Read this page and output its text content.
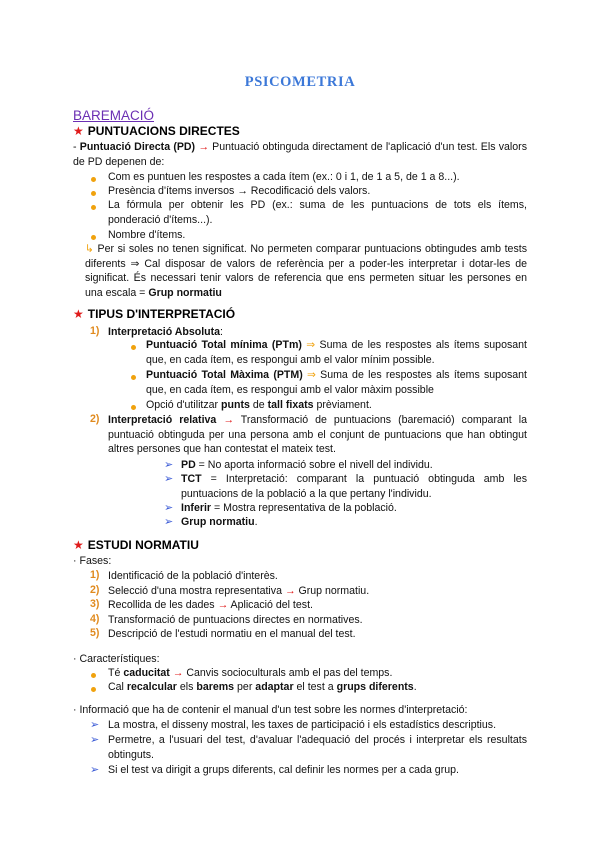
PSICOMETRIA
BAREMACIÓ
★ PUNTUACIONS DIRECTES
- Puntuació Directa (PD) → Puntuació obtinguda directament de l'aplicació d'un test. Els valors de PD depenen de:
Com es puntuen les respostes a cada ítem (ex.: 0 i 1, de 1 a 5, de 1 a 8...).
Presència d'ítems inversos → Recodificació dels valors.
La fórmula per obtenir les PD (ex.: suma de les puntuacions de tots els ítems, ponderació d'ítems...).
Nombre d'ítems.
↳ Per si soles no tenen significat. No permeten comparar puntuacions obtingudes amb tests diferents ⇒ Cal disposar de valors de referència per a poder-les interpretar i dotar-les de significat. És necessari tenir valors de referencia que ens permeten situar les persones en una escala = Grup normatiu
★ TIPUS D'INTERPRETACIÓ
1) Interpretació Absoluta:
Puntuació Total mínima (PTm) ⇒ Suma de les respostes als ítems suposant que, en cada ítem, es respongui amb el valor mínim possible.
Puntuació Total Màxima (PTM) ⇒ Suma de les respostes als ítems suposant que, en cada ítem, es respongui amb el valor màxim possible
Opció d'utilitzar punts de tall fixats prèviament.
2) Interpretació relativa → Transformació de puntuacions (baremació) comparant la puntuació obtinguda per una persona amb el conjunt de puntuacions que han obtingut altres persones que han contestat el mateix test.
➢ PD = No aporta informació sobre el nivell del individu.
➢ TCT = Interpretació: comparant la puntuació obtinguda amb les puntuacions de la població a la que pertany l'individu.
➢ Inferir = Mostra representativa de la població.
➢ Grup normatiu.
★ ESTUDI NORMATIU
· Fases:
1) Identificació de la població d'interès.
2) Selecció d'una mostra representativa → Grup normatiu.
3) Recollida de les dades → Aplicació del test.
4) Transformació de puntuacions directes en normatives.
5) Descripció de l'estudi normatiu en el manual del test.
· Característiques:
Té caducitat → Canvis socioculturals amb el pas del temps.
Cal recalcular els barems per adaptar el test a grups diferents.
· Informació que ha de contenir el manual d'un test sobre les normes d'interpretació:
➢ La mostra, el disseny mostral, les taxes de participació i els estadístics descriptius.
➢ Permetre, a l'usuari del test, d'avaluar l'adequació del procés i interpretar els resultats obtinguts.
➢ Si el test va dirigit a grups diferents, cal definir les normes per a cada grup.
